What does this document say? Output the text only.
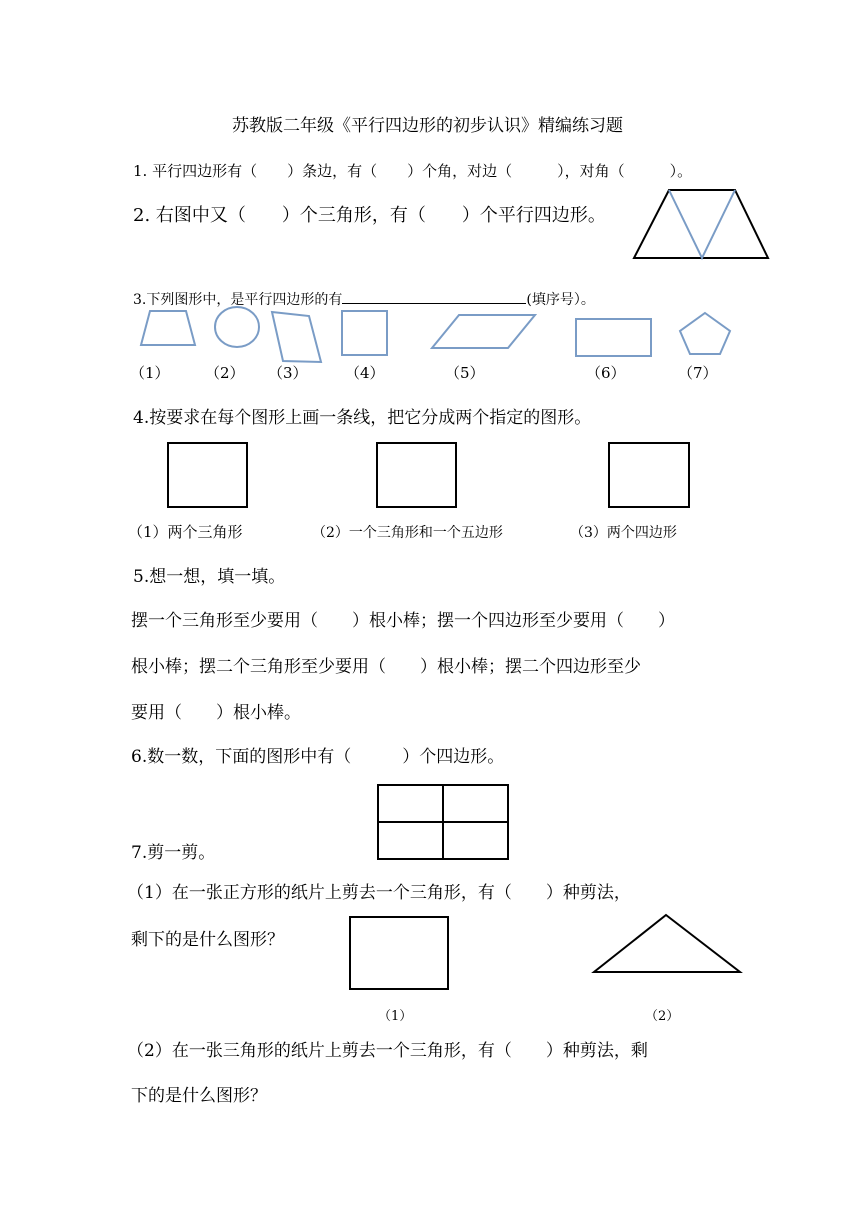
苏教版二年级《平行四边形的初步认识》精编练习题
1. 平行四边形有（　　）条边，有（　　）个角，对边（　　　），对角（　　　）。
2. 右图中又（　　）个三角形，有（　　）个平行四边形。
3.下列图形中，是平行四边形的有	(填序号）。
（1） （2） （3） （4）	（5）	（6）	（7）
4.按要求在每个图形上画一条线，把它分成两个指定的图形。
（1）两个三角形	（2）一个三角形和一个五边形	（3）两个四边形
5.想一想，填一填。
摆一个三角形至少要用（　　）根小棒；摆一个四边形至少要用（　　）
根小棒；摆二个三角形至少要用（　　）根小棒；摆二个四边形至少
要用（　　）根小棒。
6.数一数，下面的图形中有（　　　）个四边形。
7.剪一剪。
（1）在一张正方形的纸片上剪去一个三角形，有（　　）种剪法，
剩下的是什么图形？
（1）	（2）
（2）在一张三角形的纸片上剪去一个三角形，有（　　）种剪法，剩
下的是什么图形？
